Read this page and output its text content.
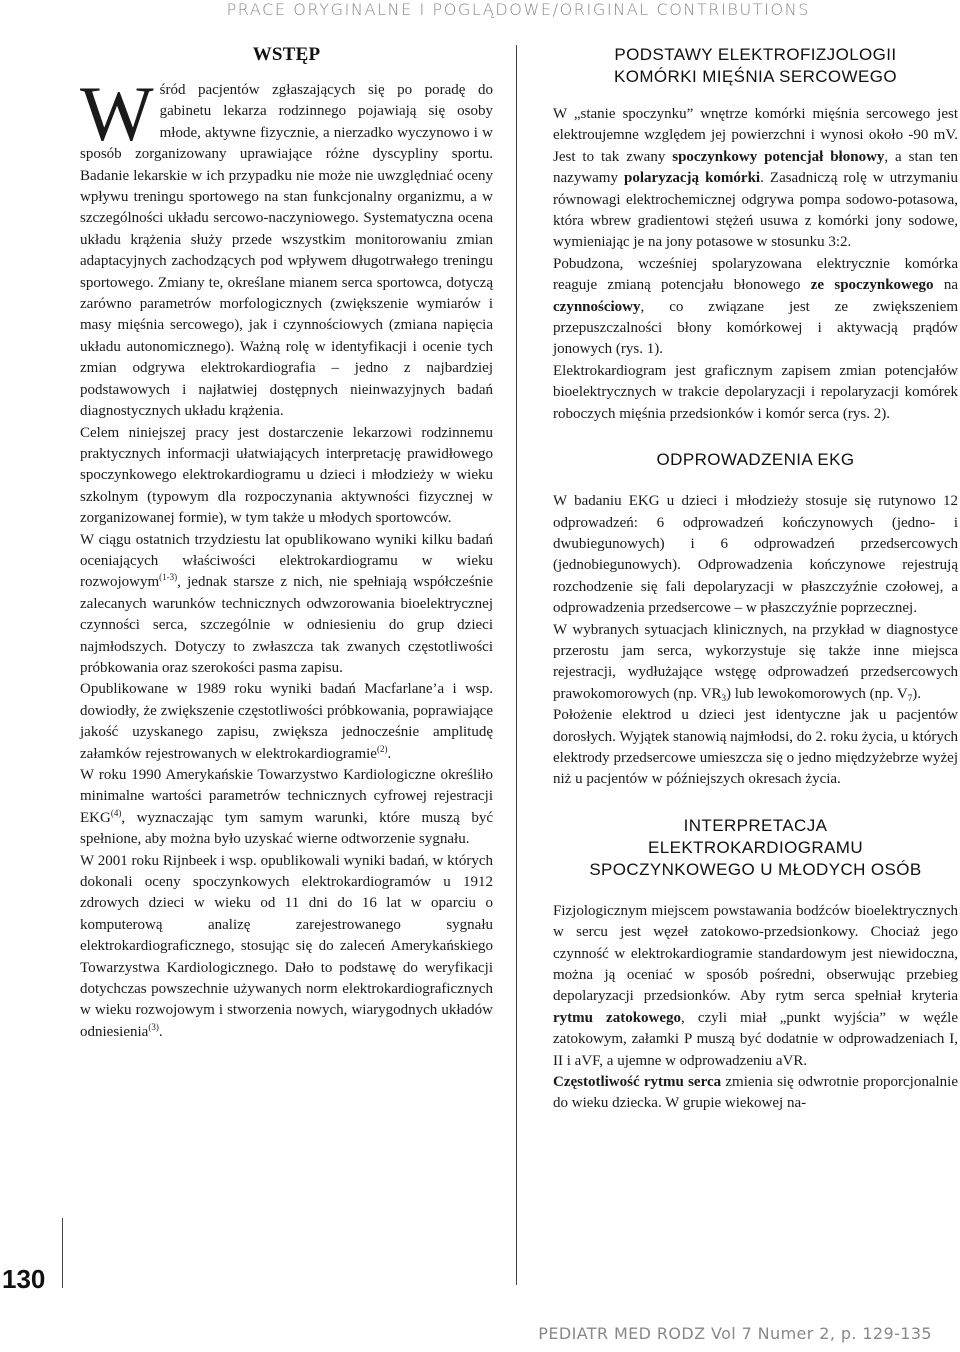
PRACE ORYGINALNE I POGLĄDOWE/ORIGINAL CONTRIBUTIONS
130
WSTĘP

Wśród pacjentów zgłaszających się po poradę do gabinetu lekarza rodzinnego pojawiają się osoby młode, aktywne fizycznie, a nierzadko wyczynowo i w sposób zorganizowany uprawiające różne dyscypliny sportu. Badanie lekarskie w ich przypadku nie może nie uwzględniać oceny wpływu treningu sportowego na stan funkcjonalny organizmu, a w szczególności układu sercowo-naczyniowego. Systematyczna ocena układu krążenia służy przede wszystkim monitorowaniu zmian adaptacyjnych zachodzących pod wpływem długotrwałego treningu sportowego. Zmiany te, określane mianem serca sportowca, dotyczą zarówno parametrów morfologicznych (zwiększenie wymiarów i masy mięśnia sercowego), jak i czynnościowych (zmiana napięcia układu autonomicznego). Ważną rolę w identyfikacji i ocenie tych zmian odgrywa elektrokardiografia – jedno z najbardziej podstawowych i najłatwiej dostępnych nieinwazyjnych badań diagnostycznych układu krążenia.

Celem niniejszej pracy jest dostarczenie lekarzowi rodzinnemu praktycznych informacji ułatwiających interpretację prawidłowego spoczynkowego elektrokardiogramu u dzieci i młodzieży w wieku szkolnym (typowym dla rozpoczynania aktywności fizycznej w zorganizowanej formie), w tym także u młodych sportowców.

W ciągu ostatnich trzydziestu lat opublikowano wyniki kilku badań oceniających właściwości elektrokardiogramu w wieku rozwojowym$^{(1-3)}$, jednak starsze z nich, nie spełniają współcześnie zalecanych warunków technicznych odwzorowania bioelektrycznej czynności serca, szczególnie w odniesieniu do grup dzieci najmłodszych. Dotyczy to zwłaszcza tak zwanych częstotliwości próbkowania oraz szerokości pasma zapisu.

Opublikowane w 1989 roku wyniki badań Macfarlane’a i wsp. dowiodły, że zwiększenie częstotliwości próbkowania, poprawiające jakość uzyskanego zapisu, zwiększa jednocześnie amplitudę załamków rejestrowanych w elektrokardiogramie$^{(2)}$.

W roku 1990 Amerykańskie Towarzystwo Kardiologiczne określiło minimalne wartości parametrów technicznych cyfrowej rejestracji EKG$^{(4)}$, wyznaczając tym samym warunki, które muszą być spełnione, aby można było uzyskać wierne odtworzenie sygnału.

W 2001 roku Rijnbeek i wsp. opublikowali wyniki badań, w których dokonali oceny spoczynkowych elektrokardiogramów u 1912 zdrowych dzieci w wieku od 11 dni do 16 lat w oparciu o komputerową analizę zarejestrowanego sygnału elektrokardiograficznego, stosując się do zaleceń Amerykańskiego Towarzystwa Kardiologicznego. Dało to podstawę do weryfikacji dotychczas powszechnie używanych norm elektrokardiograficznych w wieku rozwojowym i stworzenia nowych, wiarygodnych układów odniesienia$^{(3)}$.

PODSTAWY ELEKTROFIZJOLOGII
KOMÓRKI MIĘŚNIA SERCOWEGO

W „stanie spoczynku” wnętrze komórki mięśnia sercowego jest elektroujemne względem jej powierzchni i wynosi około -90 mV. Jest to tak zwany spoczynkowy potencjał błonowy, a stan ten nazywamy polaryzacją komórki. Zasadniczą rolę w utrzymaniu równowagi elektrochemicznej odgrywa pompa sodowo-potasowa, która wbrew gradientowi stężeń usuwa z komórki jony sodowe, wymieniając je na jony potasowe w stosunku 3:2.

Pobudzona, wcześniej spolaryzowana elektrycznie komórka reaguje zmianą potencjału błonowego ze spoczynkowego na czynnościowy, co związane jest ze zwiększeniem przepuszczalności błony komórkowej i aktywacją prądów jonowych (rys. 1).

Elektrokardiogram jest graficznym zapisem zmian potencjałów bioelektrycznych w trakcie depolaryzacji i repolaryzacji komórek roboczych mięśnia przedsionków i komór serca (rys. 2).

ODPROWADZENIA EKG

W badaniu EKG u dzieci i młodzieży stosuje się rutynowo 12 odprowadzeń: 6 odprowadzeń kończynowych (jedno- i dwubiegunowych) i 6 odprowadzeń przedsercowych (jednobiegunowych). Odprowadzenia kończynowe rejestrują rozchodzenie się fali depolaryzacji w płaszczyźnie czołowej, a odprowadzenia przedsercowe – w płaszczyźnie poprzecznej.

W wybranych sytuacjach klinicznych, na przykład w diagnostyce przerostu jam serca, wykorzystuje się także inne miejsca rejestracji, wydłużające wstęgę odprowadzeń przedsercowych prawokomorowych (np. $VR_3$) lub lewokomorowych (np. $V_7$).

Położenie elektrod u dzieci jest identyczne jak u pacjentów dorosłych. Wyjątek stanowią najmłodsi, do 2. roku życia, u których elektrody przedsercowe umieszcza się o jedno międzyżebrze wyżej niż u pacjentów w późniejszych okresach życia.

INTERPRETACJA
ELEKTROKARDIOGRAMU
SPOCZYNKOWEGO U MŁODYCH OSÓB

Fizjologicznym miejscem powstawania bodźców bioelektrycznych w sercu jest węzeł zatokowo-przedsionkowy. Chociaż jego czynność w elektrokardiogramie standardowym jest niewidoczna, można ją oceniać w sposób pośredni, obserwując przebieg depolaryzacji przedsionków. Aby rytm serca spełniał kryteria rytmu zatokowego, czyli miał „punkt wyjścia” w węźle zatokowym, załamki P muszą być dodatnie w odprowadzeniach I, II i aVF, a ujemne w odprowadzeniu aVR.

Częstotliwość rytmu serca zmienia się odwrotnie proporcjonalnie do wieku dziecka. W grupie wiekowej na-

PEDIATR MED RODZ Vol 7 Numer 2, p. 129-135
